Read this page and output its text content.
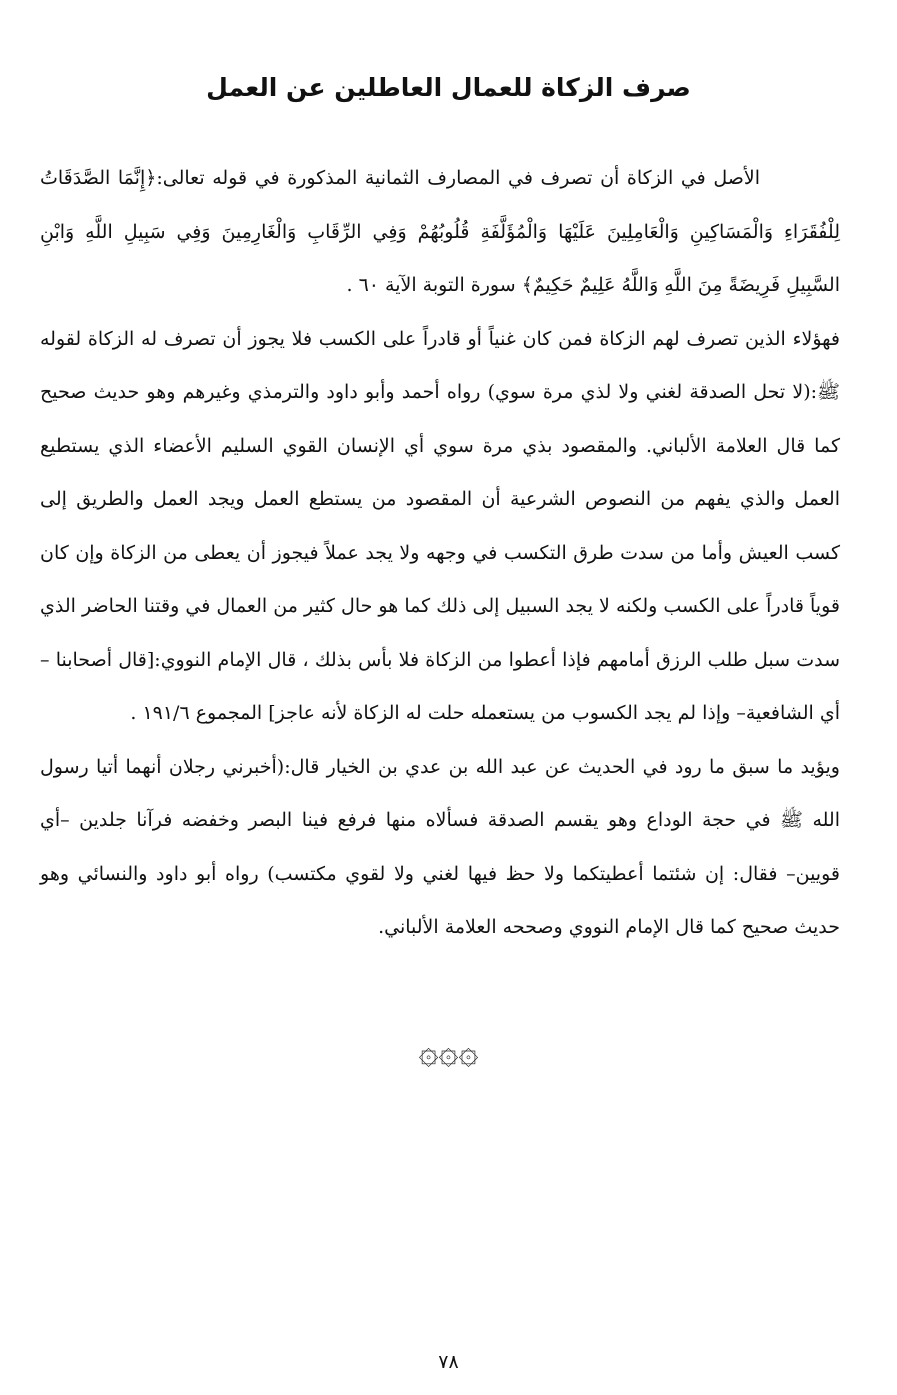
صرف الزكاة للعمال العاطلين عن العمل

الأصل في الزكاة أن تصرف في المصارف الثمانية المذكورة في قوله تعالى:﴿إِنَّمَا الصَّدَقَاتُ لِلْفُقَرَاءِ وَالْمَسَاكِينِ وَالْعَامِلِينَ عَلَيْهَا وَالْمُؤَلَّفَةِ قُلُوبُهُمْ وَفِي الرِّقَابِ وَالْغَارِمِينَ وَفِي سَبِيلِ اللَّهِ وَابْنِ السَّبِيلِ فَرِيضَةً مِنَ اللَّهِ وَاللَّهُ عَلِيمٌ حَكِيمٌ﴾ سورة التوبة الآية ٦٠ .

فهؤلاء الذين تصرف لهم الزكاة فمن كان غنياً أو قادراً على الكسب فلا يجوز أن تصرف له الزكاة لقوله ﷺ:(لا تحل الصدقة لغني ولا لذي مرة سوي) رواه أحمد وأبو داود والترمذي وغيرهم وهو حديث صحيح كما قال العلامة الألباني. والمقصود بذي مرة سوي أي الإنسان القوي السليم الأعضاء الذي يستطيع العمل والذي يفهم من النصوص الشرعية أن المقصود من يستطع العمل ويجد العمل والطريق إلى كسب العيش وأما من سدت طرق التكسب في وجهه ولا يجد عملاً فيجوز أن يعطى من الزكاة وإن كان قوياً قادراً على الكسب ولكنه لا يجد السبيل إلى ذلك كما هو حال كثير من العمال في وقتنا الحاضر الذي سدت سبل طلب الرزق أمامهم فإذا أعطوا من الزكاة فلا بأس بذلك ، قال الإمام النووي:[قال أصحابنا – أي الشافعية– وإذا لم يجد الكسوب من يستعمله حلت له الزكاة لأنه عاجز] المجموع ١٩١/٦ .

ويؤيد ما سبق ما رود في الحديث عن عبد الله بن عدي بن الخيار قال:(أخبرني رجلان أنهما أتيا رسول الله ﷺ في حجة الوداع وهو يقسم الصدقة فسألاه منها فرفع فينا البصر وخفضه فرآنا جلدين –أي قويين– فقال: إن شئتما أعطيتكما ولا حظ فيها لغني ولا لقوي مكتسب) رواه أبو داود والنسائي وهو حديث صحيح كما قال الإمام النووي وصححه العلامة الألباني.

۞۞۞
٧٨
